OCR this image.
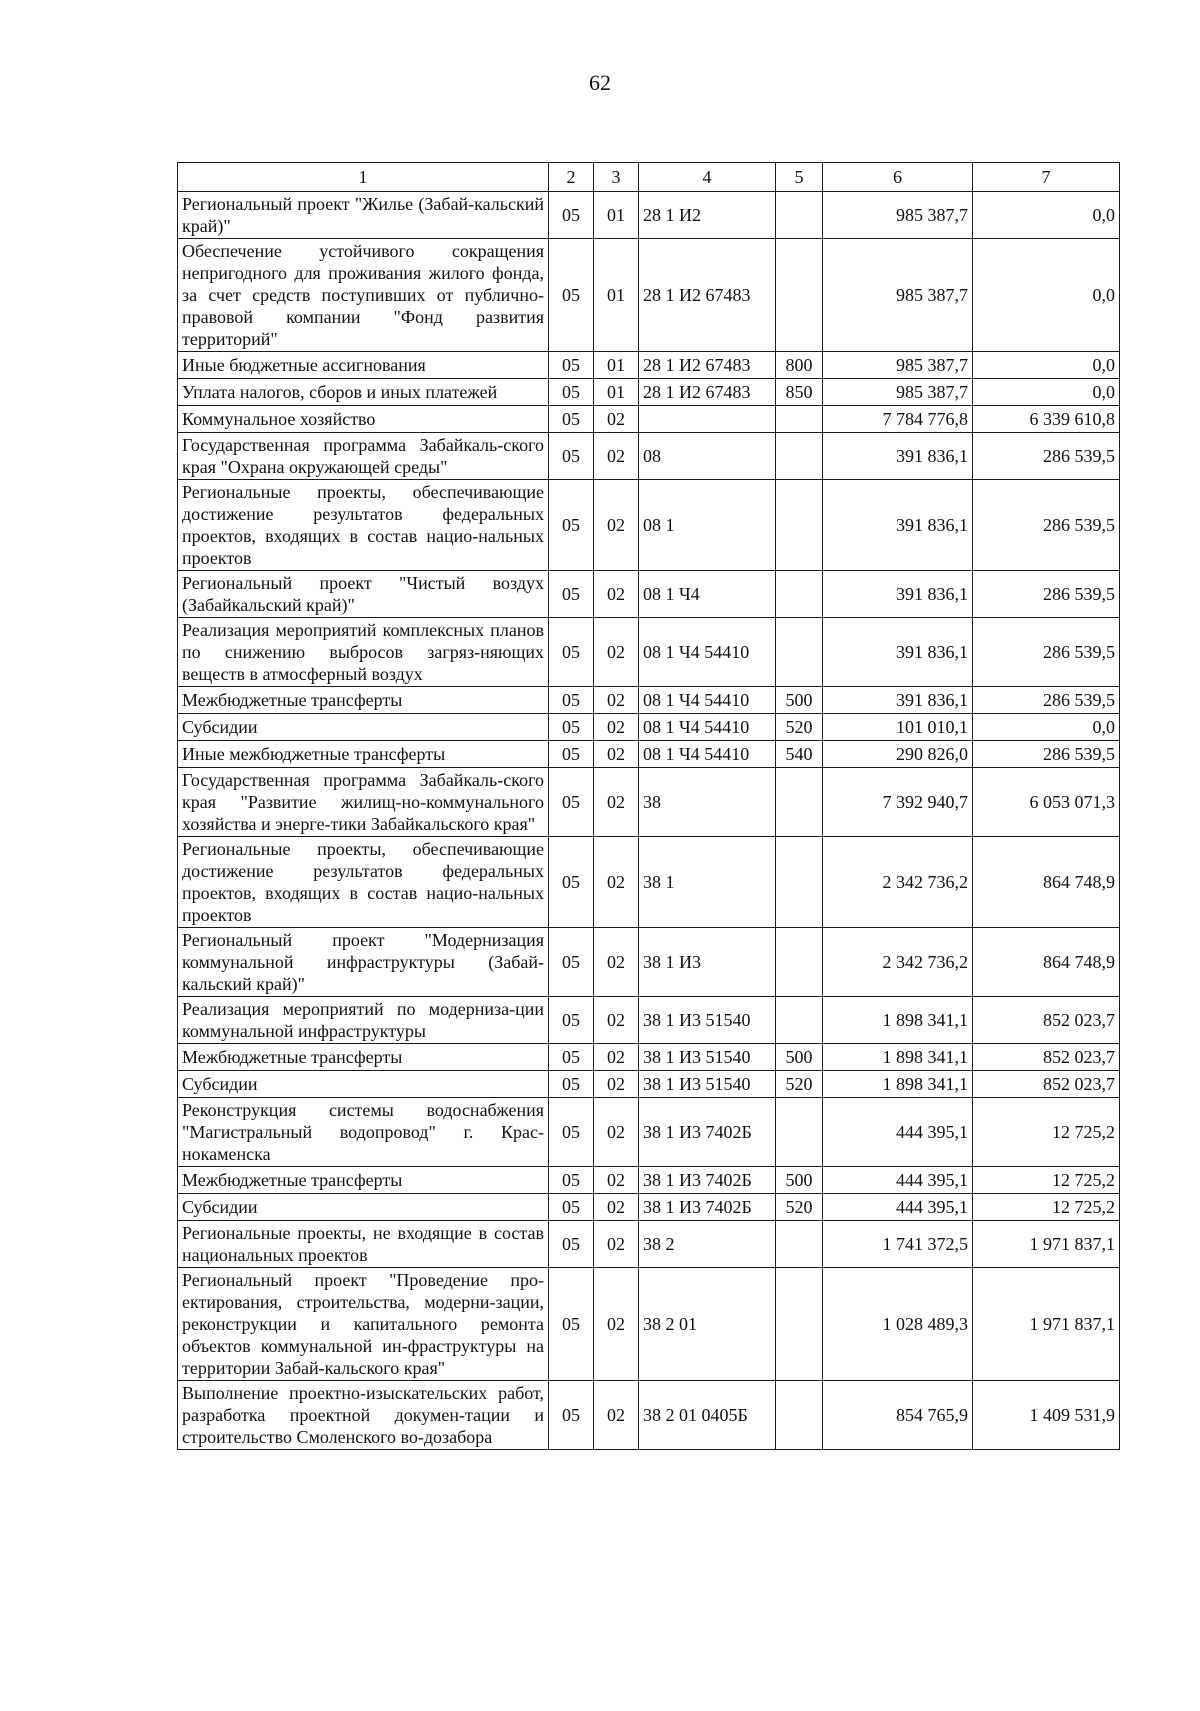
62
1	2	3	4	5	6	7
Региональный проект "Жилье (Забай-кальский край)"	05	01	28 1 И2		985 387,7	0,0
Обеспечение устойчивого сокращения непригодного для проживания жилого фонда, за счет средств поступивших от публично-правовой компании "Фонд развития территорий"	05	01	28 1 И2 67483		985 387,7	0,0
Иные бюджетные ассигнования	05	01	28 1 И2 67483	800	985 387,7	0,0
Уплата налогов, сборов и иных платежей	05	01	28 1 И2 67483	850	985 387,7	0,0
Коммунальное хозяйство	05	02			7 784 776,8	6 339 610,8
Государственная программа Забайкаль-ского края "Охрана окружающей среды"	05	02	08		391 836,1	286 539,5
Региональные проекты, обеспечивающие достижение результатов федеральных проектов, входящих в состав нацио-нальных проектов	05	02	08 1		391 836,1	286 539,5
Региональный проект "Чистый воздух (Забайкальский край)"	05	02	08 1 Ч4		391 836,1	286 539,5
Реализация мероприятий комплексных планов по снижению выбросов загряз-няющих веществ в атмосферный воздух	05	02	08 1 Ч4 54410		391 836,1	286 539,5
Межбюджетные трансферты	05	02	08 1 Ч4 54410	500	391 836,1	286 539,5
Субсидии	05	02	08 1 Ч4 54410	520	101 010,1	0,0
Иные межбюджетные трансферты	05	02	08 1 Ч4 54410	540	290 826,0	286 539,5
Государственная программа Забайкаль-ского края "Развитие жилищ-но-коммунального хозяйства и энерге-тики Забайкальского края"	05	02	38		7 392 940,7	6 053 071,3
Региональные проекты, обеспечивающие достижение результатов федеральных проектов, входящих в состав нацио-нальных проектов	05	02	38 1		2 342 736,2	864 748,9
Региональный проект "Модернизация коммунальной инфраструктуры (Забай-кальский край)"	05	02	38 1 И3		2 342 736,2	864 748,9
Реализация мероприятий по модерниза-ции коммунальной инфраструктуры	05	02	38 1 И3 51540		1 898 341,1	852 023,7
Межбюджетные трансферты	05	02	38 1 И3 51540	500	1 898 341,1	852 023,7
Субсидии	05	02	38 1 И3 51540	520	1 898 341,1	852 023,7
Реконструкция системы водоснабжения "Магистральный водопровод" г. Крас-нокаменска	05	02	38 1 И3 7402Б		444 395,1	12 725,2
Межбюджетные трансферты	05	02	38 1 И3 7402Б	500	444 395,1	12 725,2
Субсидии	05	02	38 1 И3 7402Б	520	444 395,1	12 725,2
Региональные проекты, не входящие в состав национальных проектов	05	02	38 2		1 741 372,5	1 971 837,1
Региональный проект "Проведение про-ектирования, строительства, модерни-зации, реконструкции и капитального ремонта объектов коммунальной ин-фраструктуры на территории Забай-кальского края"	05	02	38 2 01		1 028 489,3	1 971 837,1
Выполнение проектно-изыскательских работ, разработка проектной докумен-тации и строительство Смоленского во-дозабора	05	02	38 2 01 0405Б		854 765,9	1 409 531,9
